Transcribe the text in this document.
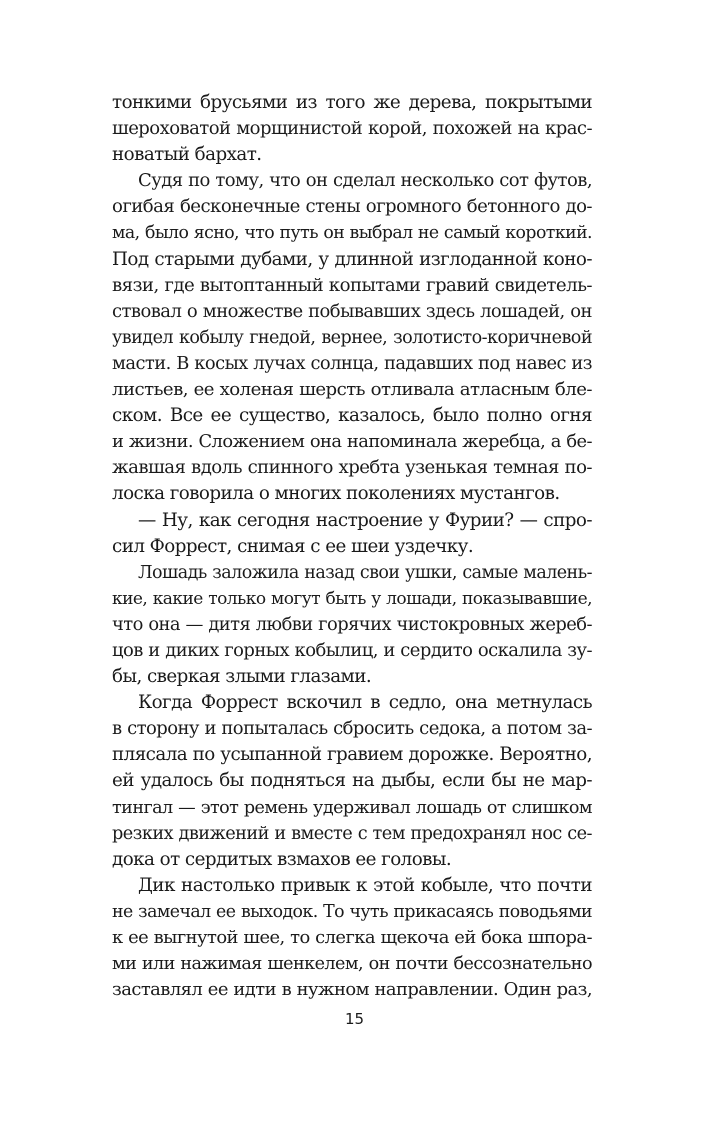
тонкими брусьями из того же дерева, покрытыми
шероховатой морщинистой корой, похожей на крас-
новатый бархат.
Судя по тому, что он сделал несколько сот футов,
огибая бесконечные стены огромного бетонного до-
ма, было ясно, что путь он выбрал не самый короткий.
Под старыми дубами, у длинной изглоданной коно-
вязи, где вытоптанный копытами гравий свидетель-
ствовал о множестве побывавших здесь лошадей, он
увидел кобылу гнедой, вернее, золотисто-коричневой
масти. В косых лучах солнца, падавших под навес из
листьев, ее холеная шерсть отливала атласным бле-
ском. Все ее существо, казалось, было полно огня
и жизни. Сложением она напоминала жеребца, а бе-
жавшая вдоль спинного хребта узенькая темная по-
лоска говорила о многих поколениях мустангов.
— Ну, как сегодня настроение у Фурии? — спро-
сил Форрест, снимая с ее шеи уздечку.
Лошадь заложила назад свои ушки, самые малень-
кие, какие только могут быть у лошади, показывавшие,
что она — дитя любви горячих чистокровных жереб-
цов и диких горных кобылиц, и сердито оскалила зу-
бы, сверкая злыми глазами.
Когда Форрест вскочил в седло, она метнулась
в сторону и попыталась сбросить седока, а потом за-
плясала по усыпанной гравием дорожке. Вероятно,
ей удалось бы подняться на дыбы, если бы не мар-
тингал — этот ремень удерживал лошадь от слишком
резких движений и вместе с тем предохранял нос се-
дока от сердитых взмахов ее головы.
Дик настолько привык к этой кобыле, что почти
не замечал ее выходок. То чуть прикасаясь поводьями
к ее выгнутой шее, то слегка щекоча ей бока шпора-
ми или нажимая шенкелем, он почти бессознательно
заставлял ее идти в нужном направлении. Один раз,
15
